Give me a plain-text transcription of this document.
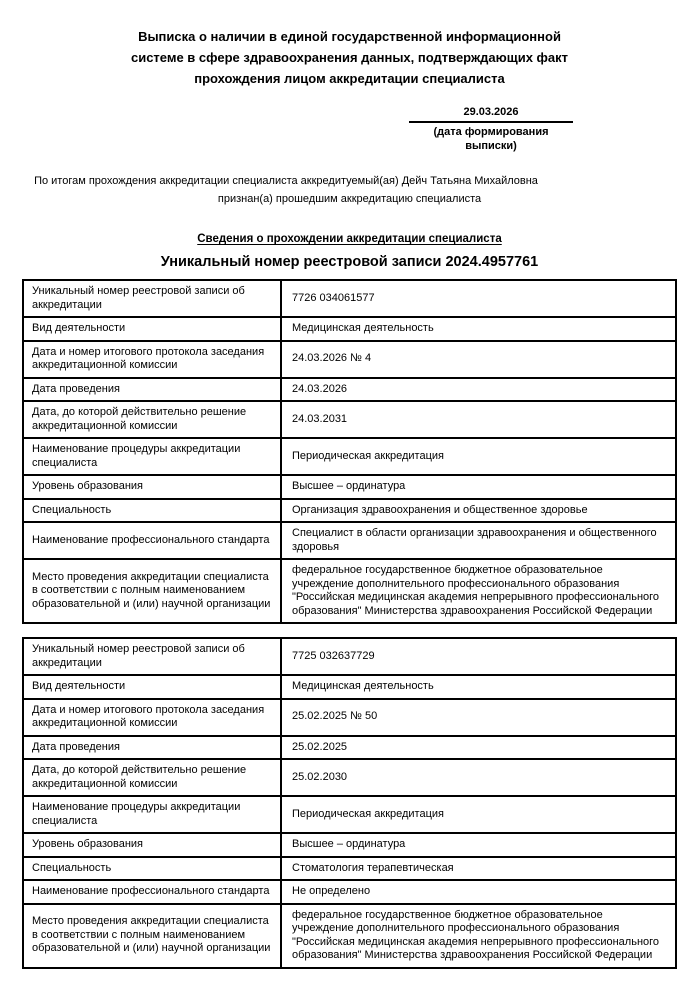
Выписка о наличии в единой государственной информационной
системе в сфере здравоохранения данных, подтверждающих факт
прохождения лицом аккредитации специалиста
29.03.2026
(дата формирования выписки)
По итогам прохождения аккредитации специалиста аккредитуемый(ая) Дейч Татьяна Михайловна
признан(а) прошедшим аккредитацию специалиста
Сведения о прохождении аккредитации специалиста
Уникальный номер реестровой записи 2024.4957761
Уникальный номер реестровой записи об аккредитации	7726 034061577
Вид деятельности	Медицинская деятельность
Дата и номер итогового протокола заседания аккредитационной комиссии	24.03.2026 № 4
Дата проведения	24.03.2026
Дата, до которой действительно решение аккредитационной комиссии	24.03.2031
Наименование процедуры аккредитации специалиста	Периодическая аккредитация
Уровень образования	Высшее – ординатура
Специальность	Организация здравоохранения и общественное здоровье
Наименование профессионального стандарта	Специалист в области организации здравоохранения и общественного здоровья
Место проведения аккредитации специалиста в соответствии с полным наименованием образовательной и (или) научной организации	федеральное государственное бюджетное образовательное учреждение дополнительного профессионального образования "Российская медицинская академия непрерывного профессионального образования" Министерства здравоохранения Российской Федерации
Уникальный номер реестровой записи об аккредитации	7725 032637729
Вид деятельности	Медицинская деятельность
Дата и номер итогового протокола заседания аккредитационной комиссии	25.02.2025 № 50
Дата проведения	25.02.2025
Дата, до которой действительно решение аккредитационной комиссии	25.02.2030
Наименование процедуры аккредитации специалиста	Периодическая аккредитация
Уровень образования	Высшее – ординатура
Специальность	Стоматология терапевтическая
Наименование профессионального стандарта	Не определено
Место проведения аккредитации специалиста в соответствии с полным наименованием образовательной и (или) научной организации	федеральное государственное бюджетное образовательное учреждение дополнительного профессионального образования "Российская медицинская академия непрерывного профессионального образования" Министерства здравоохранения Российской Федерации
